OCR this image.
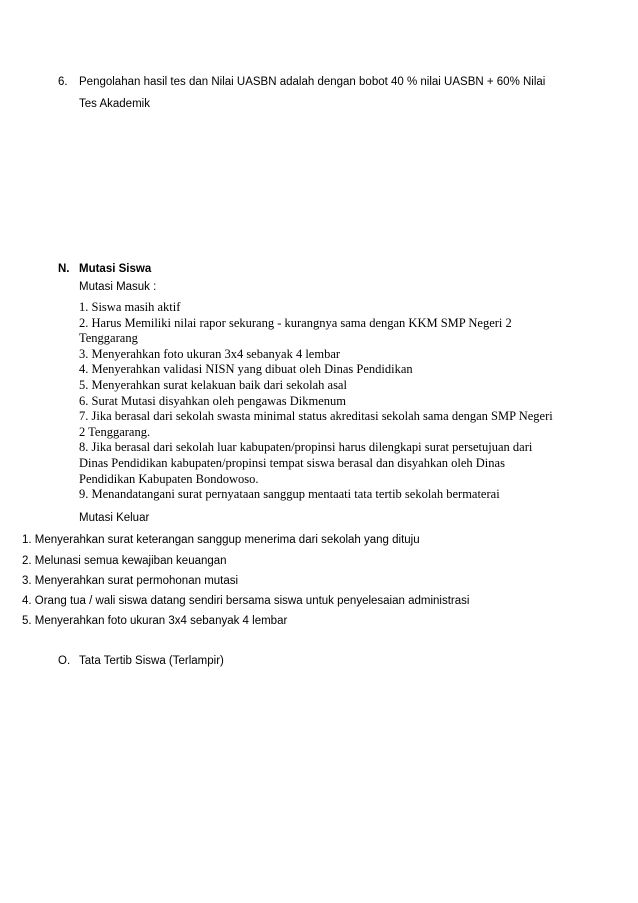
6. Pengolahan hasil tes dan Nilai UASBN adalah dengan bobot 40 % nilai UASBN + 60% Nilai
Tes Akademik
N. Mutasi Siswa
Mutasi Masuk :
1. Siswa masih aktif
2. Harus Memiliki nilai rapor sekurang - kurangnya sama dengan KKM SMP Negeri 2 Tenggarang
3. Menyerahkan foto ukuran 3x4 sebanyak 4 lembar
4. Menyerahkan validasi NISN yang dibuat oleh Dinas Pendidikan
5. Menyerahkan surat kelakuan baik dari sekolah asal
6. Surat Mutasi disyahkan oleh pengawas Dikmenum
7. Jika berasal dari sekolah swasta minimal status akreditasi sekolah sama dengan SMP Negeri 2 Tenggarang.
8. Jika berasal dari sekolah luar kabupaten/propinsi harus dilengkapi surat persetujuan dari Dinas Pendidikan kabupaten/propinsi tempat siswa berasal dan disyahkan oleh Dinas Pendidikan Kabupaten Bondowoso.
9. Menandatangani surat pernyataan sanggup mentaati tata tertib sekolah bermaterai
Mutasi Keluar
1. Menyerahkan surat keterangan sanggup menerima dari sekolah yang dituju
2. Melunasi semua kewajiban keuangan
3. Menyerahkan surat permohonan mutasi
4. Orang tua / wali siswa datang sendiri bersama siswa untuk penyelesaian administrasi
5. Menyerahkan foto ukuran 3x4 sebanyak 4 lembar
O. Tata Tertib Siswa (Terlampir)
